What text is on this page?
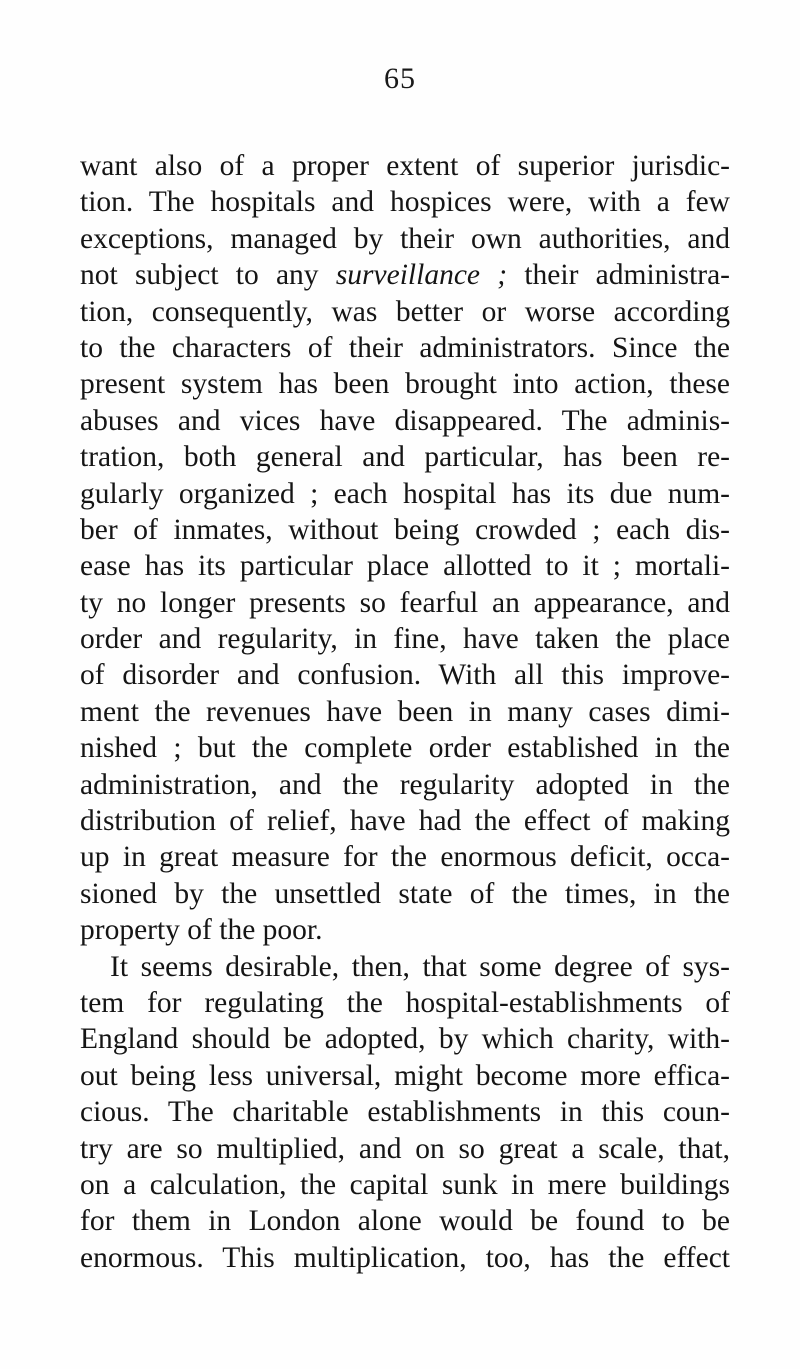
65
want also of a proper extent of superior jurisdic-
tion. The hospitals and hospices were, with a few
exceptions, managed by their own authorities, and
not subject to any surveillance ; their administra-
tion, consequently, was better or worse according
to the characters of their administrators. Since the
present system has been brought into action, these
abuses and vices have disappeared. The adminis-
tration, both general and particular, has been re-
gularly organized ; each hospital has its due num-
ber of inmates, without being crowded ; each dis-
ease has its particular place allotted to it ; mortali-
ty no longer presents so fearful an appearance, and
order and regularity, in fine, have taken the place
of disorder and confusion. With all this improve-
ment the revenues have been in many cases dimi-
nished ; but the complete order established in the
administration, and the regularity adopted in the
distribution of relief, have had the effect of making
up in great measure for the enormous deficit, occa-
sioned by the unsettled state of the times, in the
property of the poor.
It seems desirable, then, that some degree of sys-
tem for regulating the hospital-establishments of
England should be adopted, by which charity, with-
out being less universal, might become more effica-
cious. The charitable establishments in this coun-
try are so multiplied, and on so great a scale, that,
on a calculation, the capital sunk in mere buildings
for them in London alone would be found to be
enormous. This multiplication, too, has the effect
